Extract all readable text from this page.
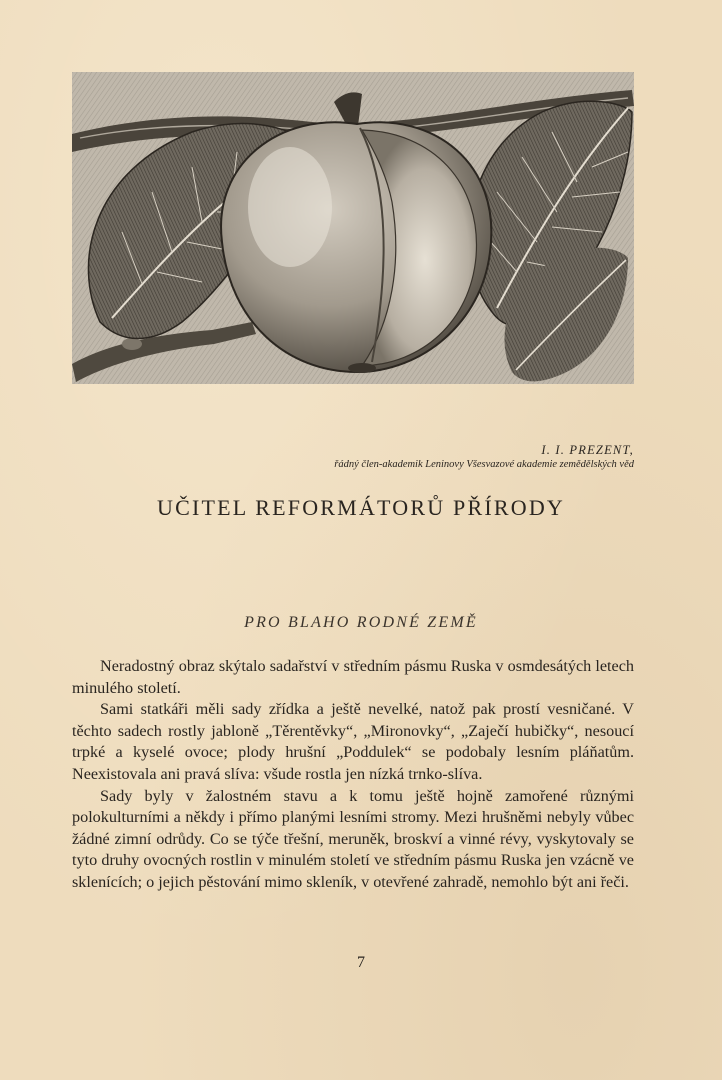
I. I. PREZENT,
řádný člen-akademik Leninovy Všesvazové akademie zemědělských věd
UČITEL REFORMÁTORŮ PŘÍRODY
PRO BLAHO RODNÉ ZEMĚ

Neradostný obraz skýtalo sadařství v středním pásmu Ruska v osmdesátých letech minulého století.

Sami statkáři měli sady zřídka a ještě nevelké, natož pak prostí vesničané. V těchto sadech rostly jabloně „Těrentěvky“, „Mironovky“, „Zaječí hubičky“, nesoucí trpké a kyselé ovoce; plody hrušní „Poddulek“ se podobaly lesním pláňatům. Neexistovala ani pravá slíva: všude rostla jen nízká trnko-slíva.

Sady byly v žalostném stavu a k tomu ještě hojně zamořené různými polokulturními a někdy i přímo planými lesními stromy. Mezi hrušněmi nebyly vůbec žádné zimní odrůdy. Co se týče třešní, meruněk, broskví a vinné révy, vyskytovaly se tyto druhy ovocných rostlin v minulém století ve středním pásmu Ruska jen vzácně ve sklenících; o jejich pěstování mimo skleník, v otevřené zahradě, nemohlo být ani řeči.

7
